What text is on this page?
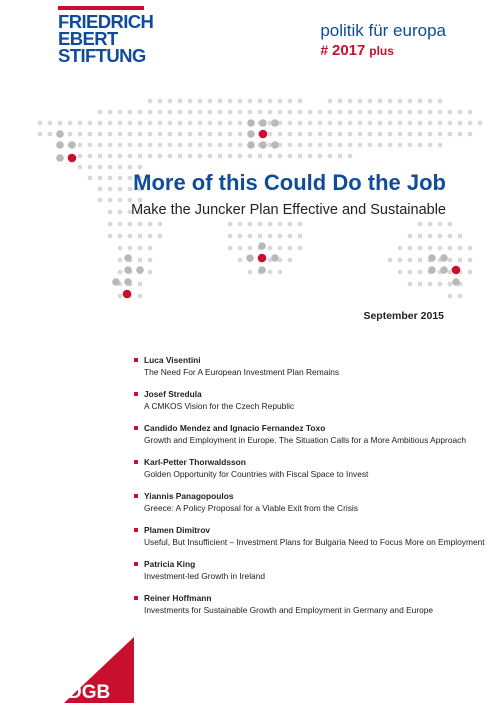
FRIEDRICH
EBERT
STIFTUNG
politik für europa
# 2017 plus
More of this Could Do the Job
Make the Juncker Plan Effective and Sustainable
September 2015
Luca Visentini
The Need For A European Investment Plan Remains
Josef Stredula
A CMKOS Vision for the Czech Republic
Candido Mendez and Ignacio Fernandez Toxo
Growth and Employment in Europe. The Situation Calls for a More Ambitious Approach
Karl-Petter Thorwaldsson
Golden Opportunity for Countries with Fiscal Space to Invest
Yiannis Panagopoulos
Greece: A Policy Proposal for a Viable Exit from the Crisis
Plamen Dimitrov
Useful, But Insufficient – Investment Plans for Bulgaria Need to Focus More on Employment
Patricia King
Investment-led Growth in Ireland
Reiner Hoffmann
Investments for Sustainable Growth and Employment in Germany and Europe
DGB
